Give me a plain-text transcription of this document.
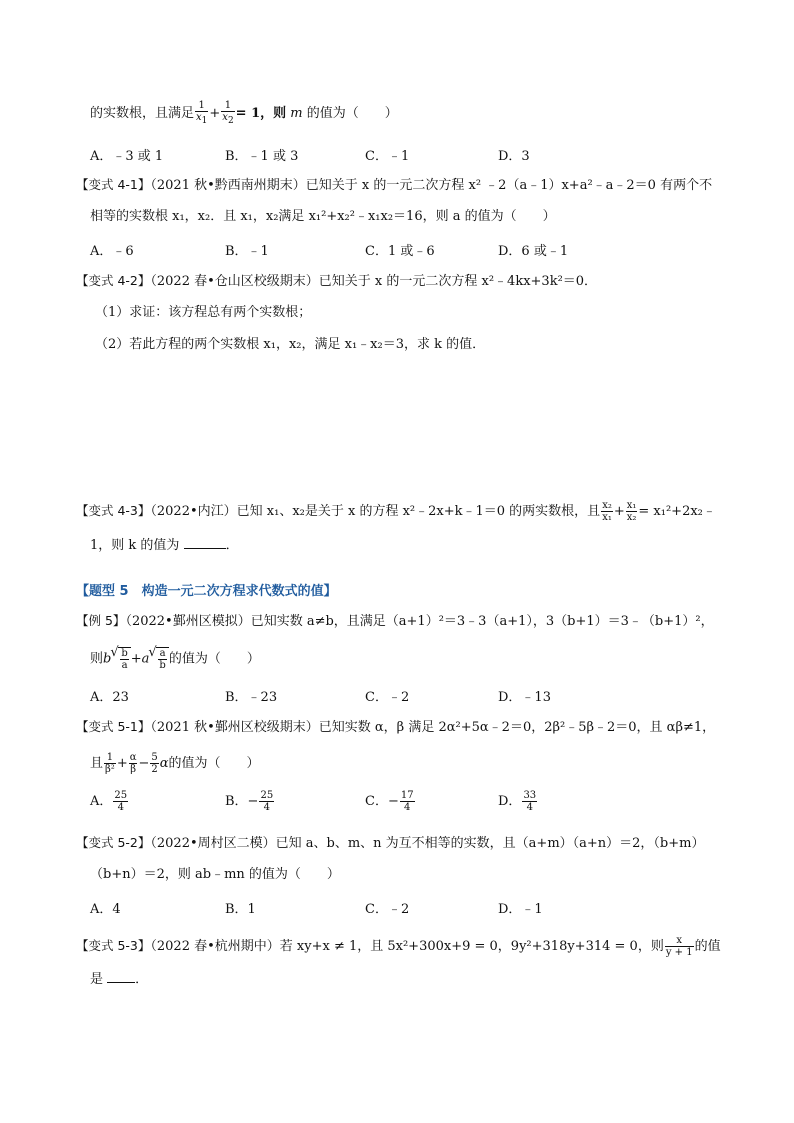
的实数根，且满足 $\frac{1}{x1} + \frac{1}{x2} = 1$，则 m 的值为（　　）
A．﹣3 或 1	B．﹣1 或 3	C．﹣1	D．3
【变式 4-1】（2021 秋•黔西南州期末）已知关于 x 的一元二次方程 x² ﹣2（a﹣1）x+a²﹣a﹣2＝0 有两个不
相等的实数根 x₁，x₂．且 x₁，x₂满足 x₁²+x₂²﹣x₁x₂＝16，则 a 的值为（　　）
A．﹣6	B．﹣1	C．1 或﹣6	D．6 或﹣1
【变式 4-2】（2022 春•仓山区校级期末）已知关于 x 的一元二次方程 x²﹣4kx+3k²＝0．
（1）求证：该方程总有两个实数根；
（2）若此方程的两个实数根 x₁，x₂，满足 x₁﹣x₂＝3，求 k 的值．
【变式 4-3】（2022•内江）已知 x₁、x₂是关于 x 的方程 x²﹣2x+k﹣1＝0 的两实数根，且 $\frac{\text{x₂}}{\text{x₁}} + \frac{\text{x₁}}{\text{x₂}}$ = x₁²+2x₂﹣
1，则 k 的值为	．
【题型 5　构造一元二次方程求代数式的值】
【例 5】（2022•鄞州区模拟）已知实数 a≠b，且满足（a+1）²＝3﹣3（a+1），3（b+1）＝3﹣（b+1）²，
则b √ $\frac{b}{a} +a$ √ $\frac{a}{b}$ 的值为（　　）
A．23	B．﹣23	C．﹣2	D．﹣13
【变式 5-1】（2021 秋•鄞州区校级期末）已知实数 α，β 满足 2α²+5α﹣2＝0，2β²﹣5β﹣2＝0，且 αβ≠1，
且 $\frac{1}{\text{β²}} + \frac{\alpha}{\beta} - \frac{5}{2}$ α的值为（　　）
A． $\frac{25}{4}$	B．− $\frac{25}{4}$	C．− $\frac{17}{4}$	D． $\frac{33}{4}$
【变式 5-2】（2022•周村区二模）已知 a、b、m、n 为互不相等的实数，且（a+m）（a+n）＝2，（b+m）
（b+n）＝2，则 ab﹣mn 的值为（　　）
A．4	B．1	C．﹣2	D．﹣1
【变式 5-3】（2022 春•杭州期中）若 xy+x ≠ 1，且 5x²+300x+9 = 0，9y²+318y+314 = 0，则 $\frac{x}{y + 1}$ 的值
是 ．
